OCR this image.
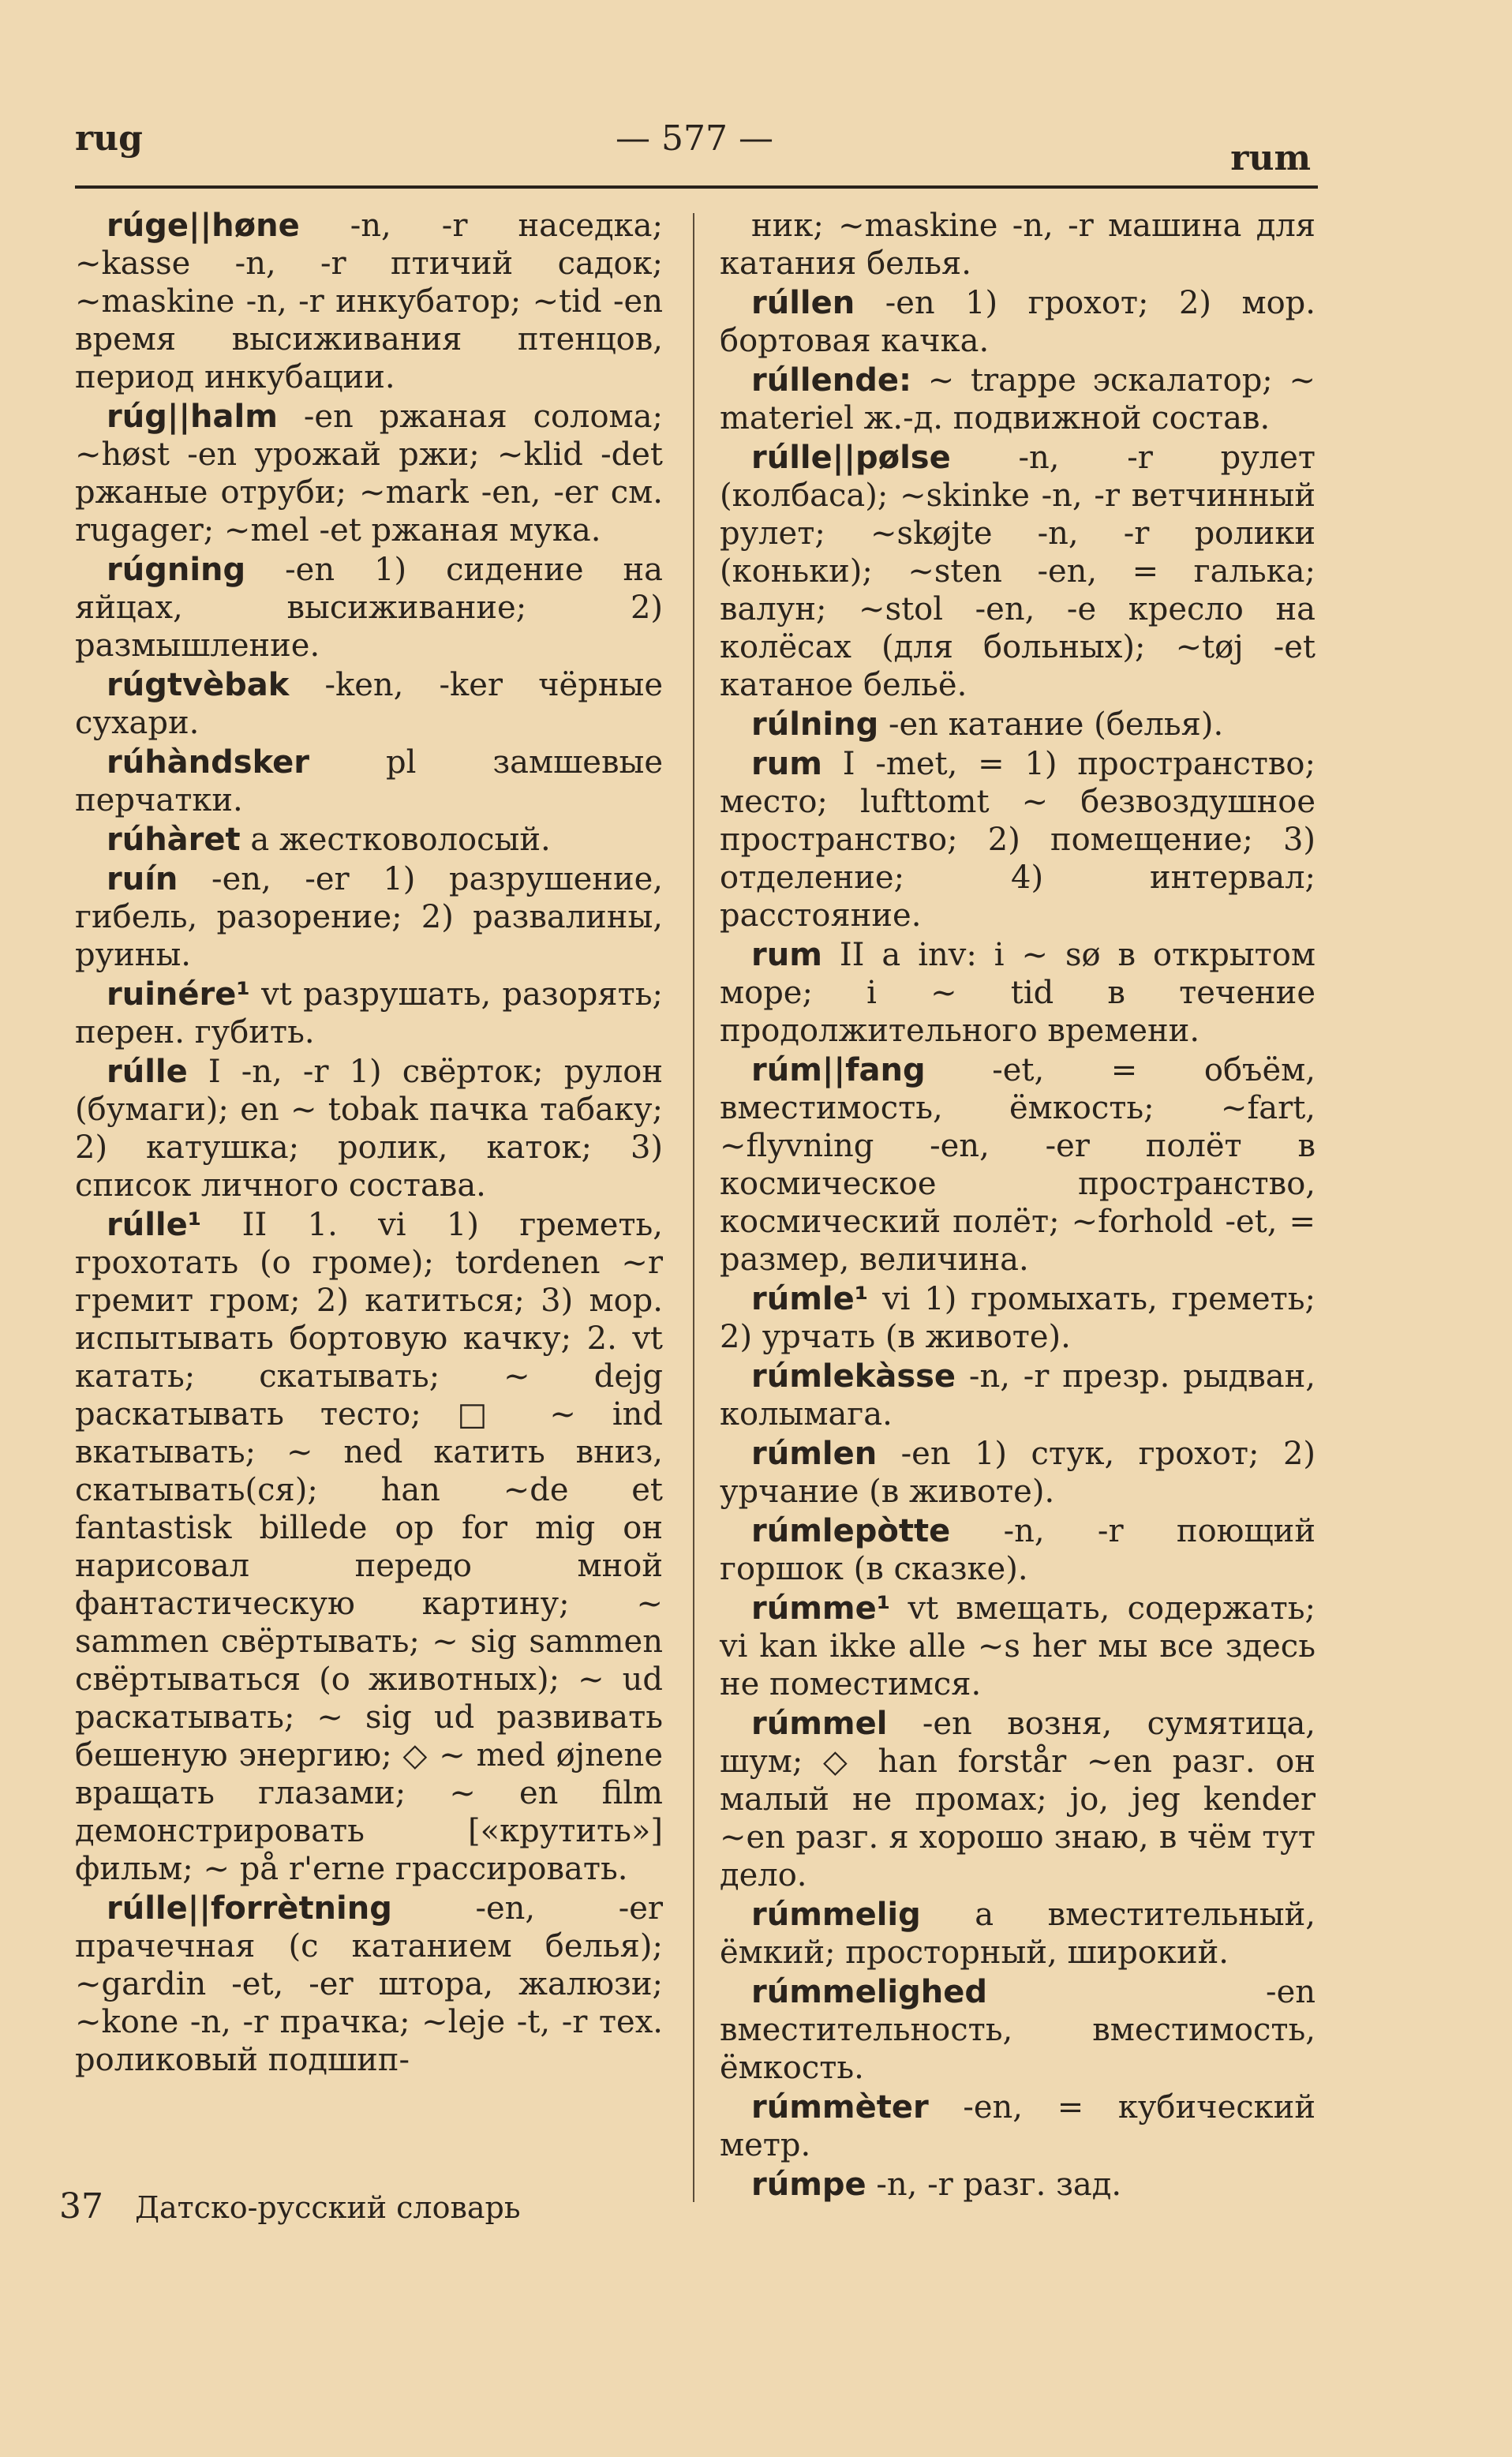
rug	— 577 —	rum

rúge||høne -n, -r наседка; ~kasse -n, -r птичий садок; ~maskine -n, -r инкубатор; ~tid -en время высиживания птенцов, период инкубации.

rúg||halm -en ржаная солома; ~høst -en урожай ржи; ~klid -det ржаные отруби; ~mark -en, -er см. rugager; ~mel -et ржаная мука.

rúgning -en 1) сидение на яйцах, высиживание; 2) размышление.

rúgtvèbak -ken, -ker чёрные сухари.

rúhàndsker pl замшевые перчатки.

rúhàret a жестковолосый.

ruín -en, -er 1) разрушение, гибель, разорение; 2) развалины, руины.

ruinére¹ vt разрушать, разорять; перен. губить.

rúlle I -n, -r 1) свёрток; рулон (бумаги); en ~ tobak пачка табаку; 2) катушка; ролик, каток; 3) список личного состава.

rúlle¹ II 1. vi 1) греметь, грохотать (о громе); tordenen ~r гремит гром; 2) катиться; 3) мор. испытывать бортовую качку; 2. vt катать; скатывать; ~ dejg раскатывать тесто; □ ~ ind вкатывать; ~ ned катить вниз, скатывать(ся); han ~de et fantastisk billede op for mig он нарисовал передо мной фантастическую картину; ~ sammen свёртывать; ~ sig sammen свёртываться (о животных); ~ ud раскатывать; ~ sig ud развивать бешеную энергию; ◇ ~ med øjnene вращать глазами; ~ en film демонстрировать [«крутить»] фильм; ~ på r'erne грассировать.

rúlle||forrètning	-en, -er прачечная (с катанием белья); ~gardin -et, -er штора, жалюзи; ~kone -n, -r прачка; ~leje -t, -r тех. роликовый подшип-

ник; ~maskine -n, -r машина для катания белья.

rúllen -en 1) грохот; 2) мор. бортовая качка.

rúllende: ~ trappe эскалатор; ~ materiel ж.-д. подвижной состав.

rúlle||pølse -n, -r рулет (колбаса); ~skinke -n, -r ветчинный рулет; ~skøjte -n, -r ролики (коньки); ~sten -en, = галька; валун; ~stol -en, -e кресло на колёсах (для больных); ~tøj -et катаное бельё.

rúlning -en катание (белья).

rum I -met, = 1) пространство; место; lufttomt ~ безвоздушное пространство; 2) помещение; 3) отделение; 4) интервал; расстояние.

rum II a inv: i ~ sø в открытом море; i ~ tid в течение продолжительного времени.

rúm||fang -et, = объём, вместимость, ёмкость; ~fart, ~flyvning -en, -er полёт в космическое пространство, космический полёт; ~forhold -et, = размер, величина.

rúmle¹ vi 1) громыхать, греметь; 2) урчать (в животе).

rúmlekàsse -n, -r презр. рыдван, колымага.

rúmlen -en 1) стук, грохот; 2) урчание (в животе).

rúmlepòtte -n, -r поющий горшок (в сказке).

rúmme¹ vt вмещать, содержать; vi kan ikke alle ~s her мы все здесь не поместимся.

rúmmel -en возня, сумятица, шум; ◇ han forstår ~en разг. он малый не промах; jo, jeg kender ~en разг. я хорошо знаю, в чём тут дело.

rúmmelig a вместительный, ёмкий; просторный, широкий.

rúmmelighed	-en вместительность, вместимость, ёмкость.

rúmmèter -en, = кубический метр.

rúmpe -n, -r разг. зад.

37 Датско-русский словарь
